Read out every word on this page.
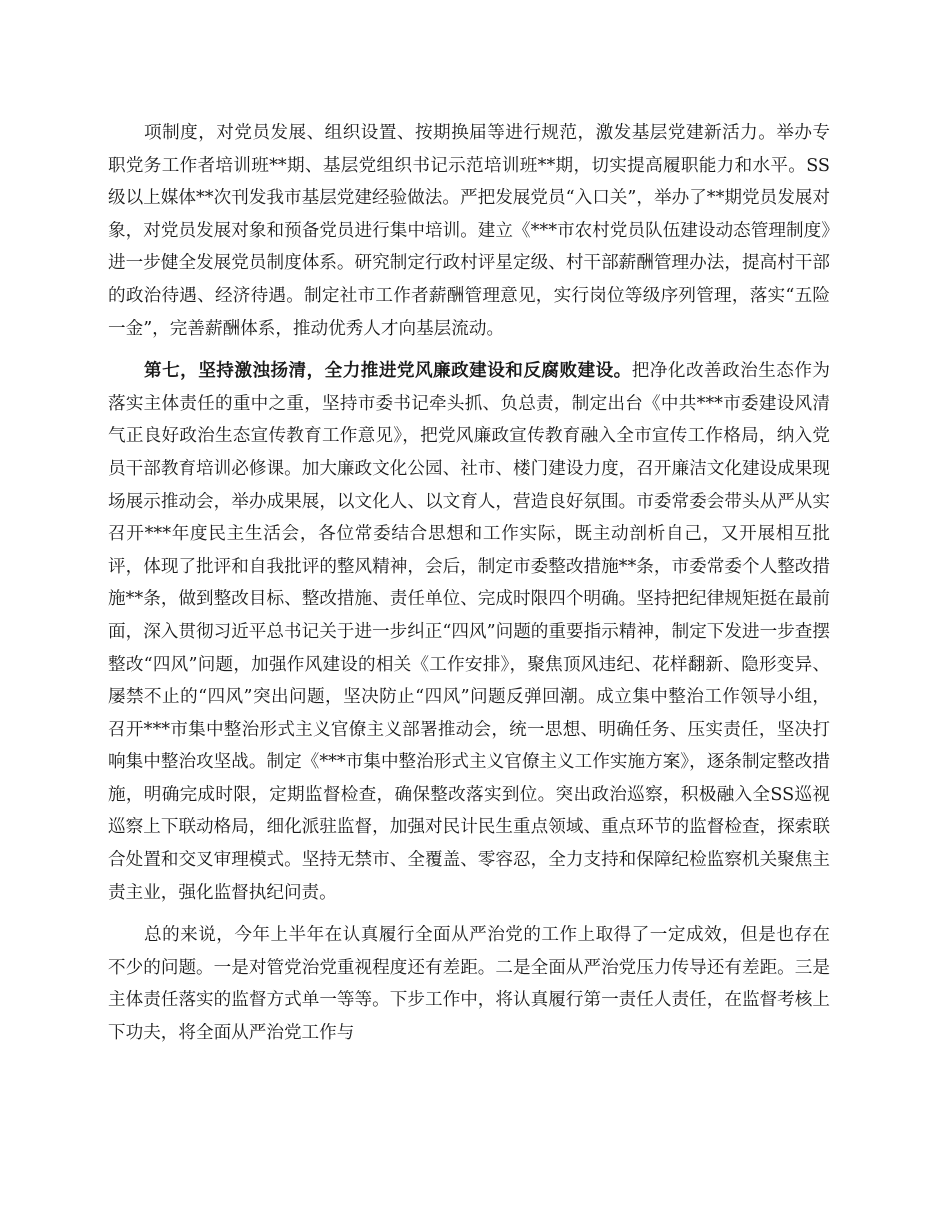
项制度，对党员发展、组织设置、按期换届等进行规范，激发基层党建新活力。举办专职党务工作者培训班**期、基层党组织书记示范培训班**期，切实提高履职能力和水平。SS级以上媒体**次刊发我市基层党建经验做法。严把发展党员“入口关”，举办了**期党员发展对象，对党员发展对象和预备党员进行集中培训。建立《***市农村党员队伍建设动态管理制度》进一步健全发展党员制度体系。研究制定行政村评星定级、村干部薪酬管理办法，提高村干部的政治待遇、经济待遇。制定社市工作者薪酬管理意见，实行岗位等级序列管理，落实“五险一金”，完善薪酬体系，推动优秀人才向基层流动。

第七，坚持激浊扬清，全力推进党风廉政建设和反腐败建设。把净化改善政治生态作为落实主体责任的重中之重，坚持市委书记牵头抓、负总责，制定出台《中共***市委建设风清气正良好政治生态宣传教育工作意见》，把党风廉政宣传教育融入全市宣传工作格局，纳入党员干部教育培训必修课。加大廉政文化公园、社市、楼门建设力度，召开廉洁文化建设成果现场展示推动会，举办成果展，以文化人、以文育人，营造良好氛围。市委常委会带头从严从实召开***年度民主生活会，各位常委结合思想和工作实际，既主动剖析自己，又开展相互批评，体现了批评和自我批评的整风精神，会后，制定市委整改措施**条，市委常委个人整改措施**条，做到整改目标、整改措施、责任单位、完成时限四个明确。坚持把纪律规矩挺在最前面，深入贯彻习近平总书记关于进一步纠正“四风”问题的重要指示精神，制定下发进一步查摆整改“四风”问题，加强作风建设的相关《工作安排》，聚焦顶风违纪、花样翻新、隐形变异、屡禁不止的“四风”突出问题，坚决防止“四风”问题反弹回潮。成立集中整治工作领导小组，召开***市集中整治形式主义官僚主义部署推动会，统一思想、明确任务、压实责任，坚决打响集中整治攻坚战。制定《***市集中整治形式主义官僚主义工作实施方案》，逐条制定整改措施，明确完成时限，定期监督检查，确保整改落实到位。突出政治巡察，积极融入全SS巡视巡察上下联动格局，细化派驻监督，加强对民计民生重点领域、重点环节的监督检查，探索联合处置和交叉审理模式。坚持无禁市、全覆盖、零容忍，全力支持和保障纪检监察机关聚焦主责主业，强化监督执纪问责。

总的来说，今年上半年在认真履行全面从严治党的工作上取得了一定成效，但是也存在不少的问题。一是对管党治党重视程度还有差距。二是全面从严治党压力传导还有差距。三是主体责任落实的监督方式单一等等。下步工作中，将认真履行第一责任人责任，在监督考核上下功夫，将全面从严治党工作与
